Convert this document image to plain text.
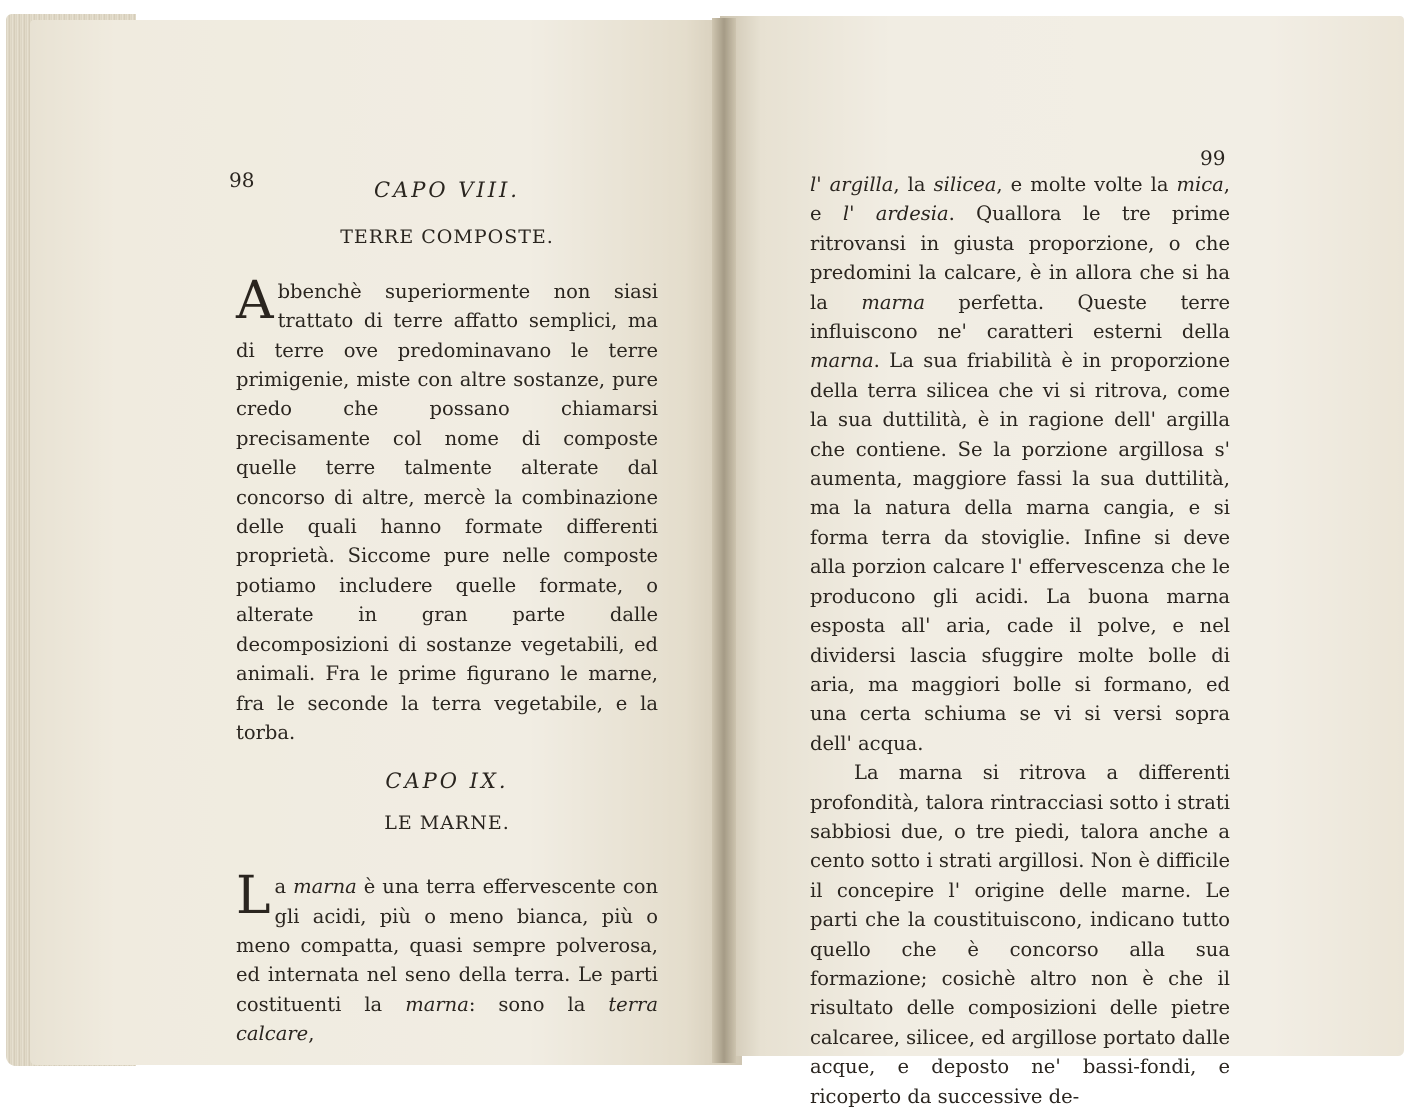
98	CAPO VIII.

TERRE COMPOSTE.

Abbenchè superiormente non siasi trattato di terre affatto semplici, ma di terre ove predominavano le terre primigenie, miste con altre sostanze, pure credo che possano chiamarsi precisamente col nome di composte quelle terre talmente alterate dal concorso di altre, mercè la combinazione delle quali hanno formate differenti proprietà. Siccome pure nelle composte potiamo includere quelle formate, o alterate in gran parte dalle decomposizioni di sostanze vegetabili, ed animali. Fra le prime figurano le marne, fra le seconde la terra vegetabile, e la torba.

CAPO IX.

LE MARNE.

La marna è una terra effervescente con gli acidi, più o meno bianca, più o meno compatta, quasi sempre polverosa, ed internata nel seno della terra. Le parti costituenti la marna: sono la terra calcare,

99

l' argilla, la silicea, e molte volte la mica, e l' ardesia. Quallora le tre prime ritrovansi in giusta proporzione, o che predomini la calcare, è in allora che si ha la marna perfetta. Queste terre influiscono ne' caratteri esterni della marna. La sua friabilità è in proporzione della terra silicea che vi si ritrova, come la sua duttilità, è in ragione dell' argilla che contiene. Se la porzione argillosa s' aumenta, maggiore fassi la sua duttilità, ma la natura della marna cangia, e si forma terra da stoviglie. Infine si deve alla porzion calcare l' effervescenza che le producono gli acidi. La buona marna esposta all' aria, cade il polve, e nel dividersi lascia sfuggire molte bolle di aria, ma maggiori bolle si formano, ed una certa schiuma se vi si versi sopra dell' acqua.

La marna si ritrova a differenti profondità, talora rintracciasi sotto i strati sabbiosi due, o tre piedi, talora anche a cento sotto i strati argillosi. Non è difficile il concepire l' origine delle marne. Le parti che la coustituiscono, indicano tutto quello che è concorso alla sua formazione; cosichè altro non è che il risultato delle composizioni delle pietre calcaree, silicee, ed argillose portato dalle acque, e deposto ne' bassi-fondi, e ricoperto da successive de-
